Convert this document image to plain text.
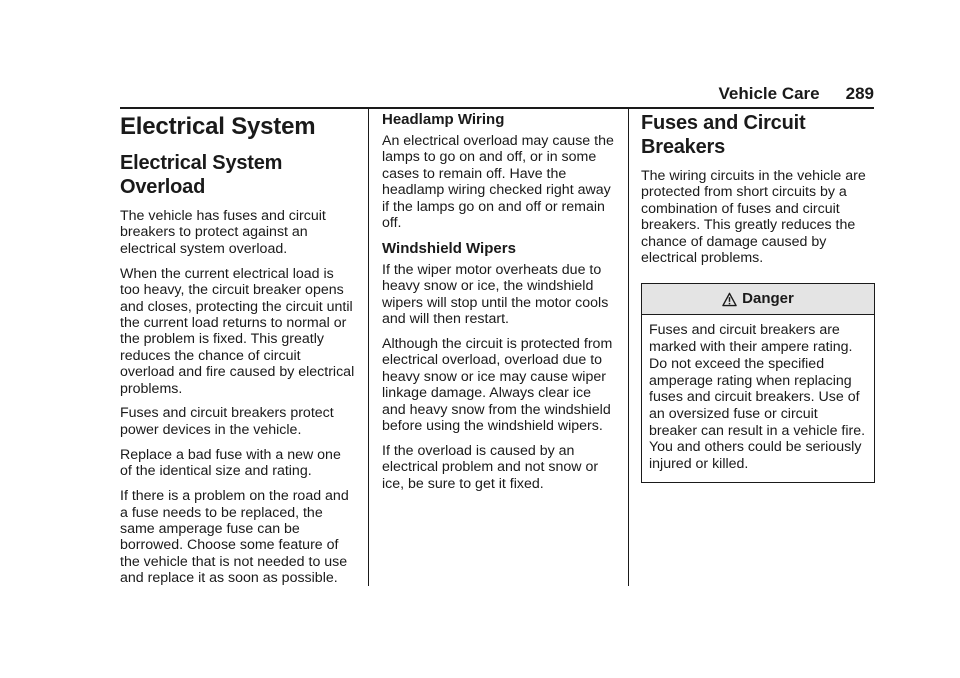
Vehicle Care 289
Electrical System
Electrical System Overload

The vehicle has fuses and circuit breakers to protect against an electrical system overload.

When the current electrical load is too heavy, the circuit breaker opens and closes, protecting the circuit until the current load returns to normal or the problem is fixed. This greatly reduces the chance of circuit overload and fire caused by electrical problems.

Fuses and circuit breakers protect power devices in the vehicle.

Replace a bad fuse with a new one of the identical size and rating.

If there is a problem on the road and a fuse needs to be replaced, the same amperage fuse can be borrowed. Choose some feature of the vehicle that is not needed to use and replace it as soon as possible.

Headlamp Wiring

An electrical overload may cause the lamps to go on and off, or in some cases to remain off. Have the headlamp wiring checked right away if the lamps go on and off or remain off.

Windshield Wipers

If the wiper motor overheats due to heavy snow or ice, the windshield wipers will stop until the motor cools and will then restart.

Although the circuit is protected from electrical overload, overload due to heavy snow or ice may cause wiper linkage damage. Always clear ice and heavy snow from the windshield before using the windshield wipers.

If the overload is caused by an electrical problem and not snow or ice, be sure to get it fixed.

Fuses and Circuit Breakers

The wiring circuits in the vehicle are protected from short circuits by a combination of fuses and circuit breakers. This greatly reduces the chance of damage caused by electrical problems.

Danger
Fuses and circuit breakers are marked with their ampere rating. Do not exceed the specified amperage rating when replacing fuses and circuit breakers. Use of an oversized fuse or circuit breaker can result in a vehicle fire. You and others could be seriously injured or killed.
